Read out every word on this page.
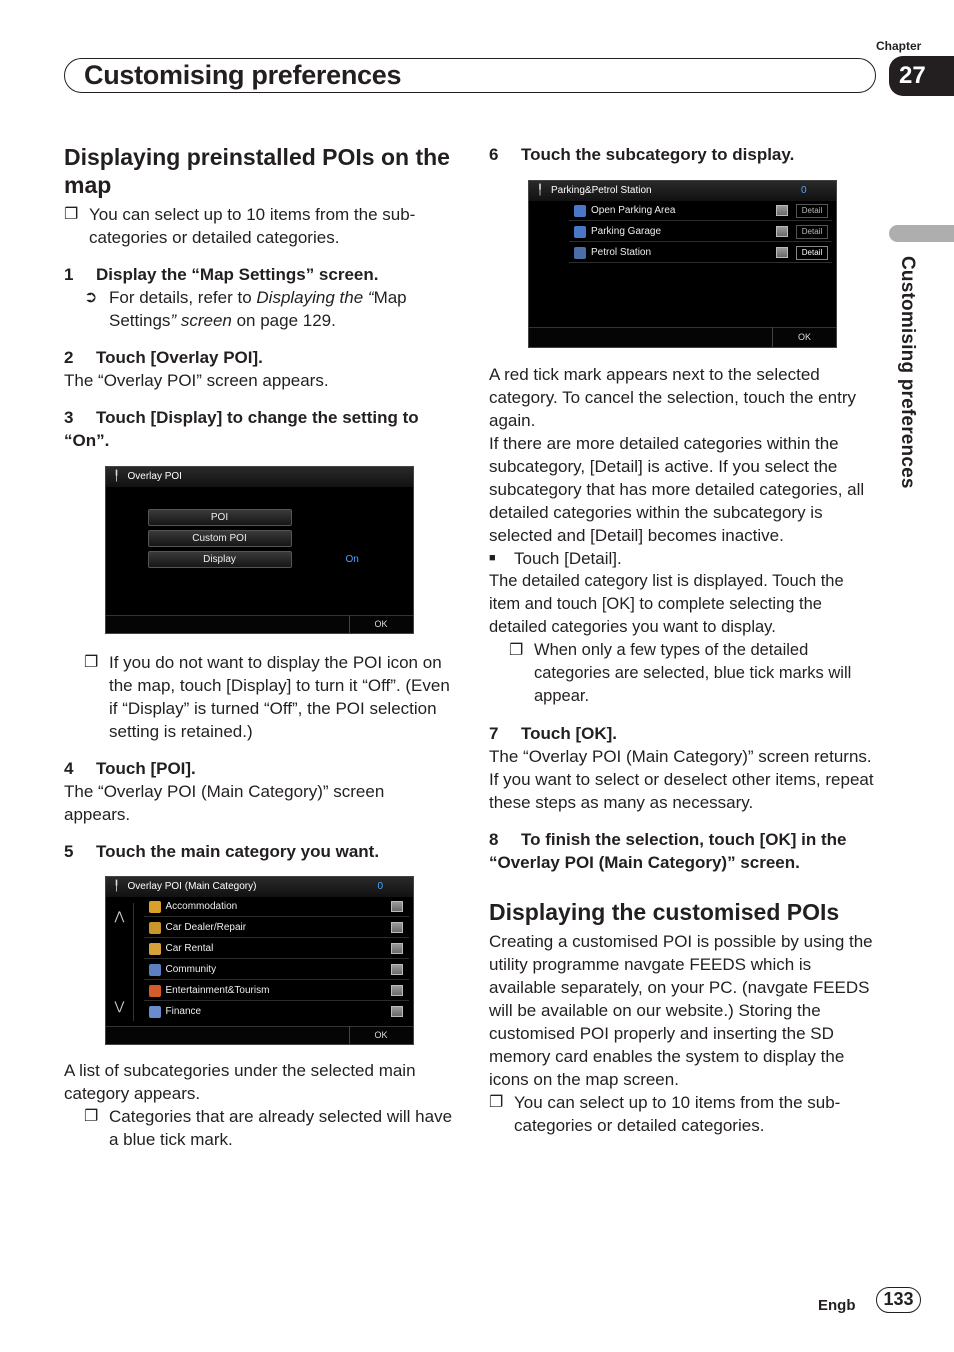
Chapter
Customising preferences	27
Customising preferences
Displaying preinstalled POIs on the map
❐ You can select up to 10 items from the sub-categories or detailed categories.
1 Display the “Map Settings” screen.
➲ For details, refer to Displaying the “Map Settings” screen on page 129.
2 Touch [Overlay POI].
The “Overlay POI” screen appears.
3 Touch [Display] to change the setting to “On”.
╿ Overlay POI
POI
Custom POI
Display	On
OK
❐ If you do not want to display the POI icon on the map, touch [Display] to turn it “Off”. (Even if “Display” is turned “Off”, the POI selection setting is retained.)
4 Touch [POI].
The “Overlay POI (Main Category)” screen appears.
5 Touch the main category you want.
╿ Overlay POI (Main Category)	0
⋀
⋁
Accommodation
Car Dealer/Repair
Car Rental
Community
Entertainment&Tourism
Finance
OK
A list of subcategories under the selected main category appears.
❐ Categories that are already selected will have a blue tick mark.
6 Touch the subcategory to display.
╿ Parking&Petrol Station	0
Open Parking Area	Detail
Parking Garage	Detail
Petrol Station	Detail
OK
A red tick mark appears next to the selected category. To cancel the selection, touch the entry again.
If there are more detailed categories within the subcategory, [Detail] is active. If you select the subcategory that has more detailed categories, all detailed categories within the subcategory is selected and [Detail] becomes inactive.
■ Touch [Detail].
The detailed category list is displayed. Touch the item and touch [OK] to complete selecting the detailed categories you want to display.
❐ When only a few types of the detailed categories are selected, blue tick marks will appear.
7 Touch [OK].
The “Overlay POI (Main Category)” screen returns.
If you want to select or deselect other items, repeat these steps as many as necessary.
8 To finish the selection, touch [OK] in the “Overlay POI (Main Category)” screen.
Displaying the customised POIs
Creating a customised POI is possible by using the utility programme navgate FEEDS which is available separately, on your PC. (navgate FEEDS will be available on our website.) Storing the customised POI properly and inserting the SD memory card enables the system to display the icons on the map screen.
❐ You can select up to 10 items from the sub-categories or detailed categories.
Engb	133
